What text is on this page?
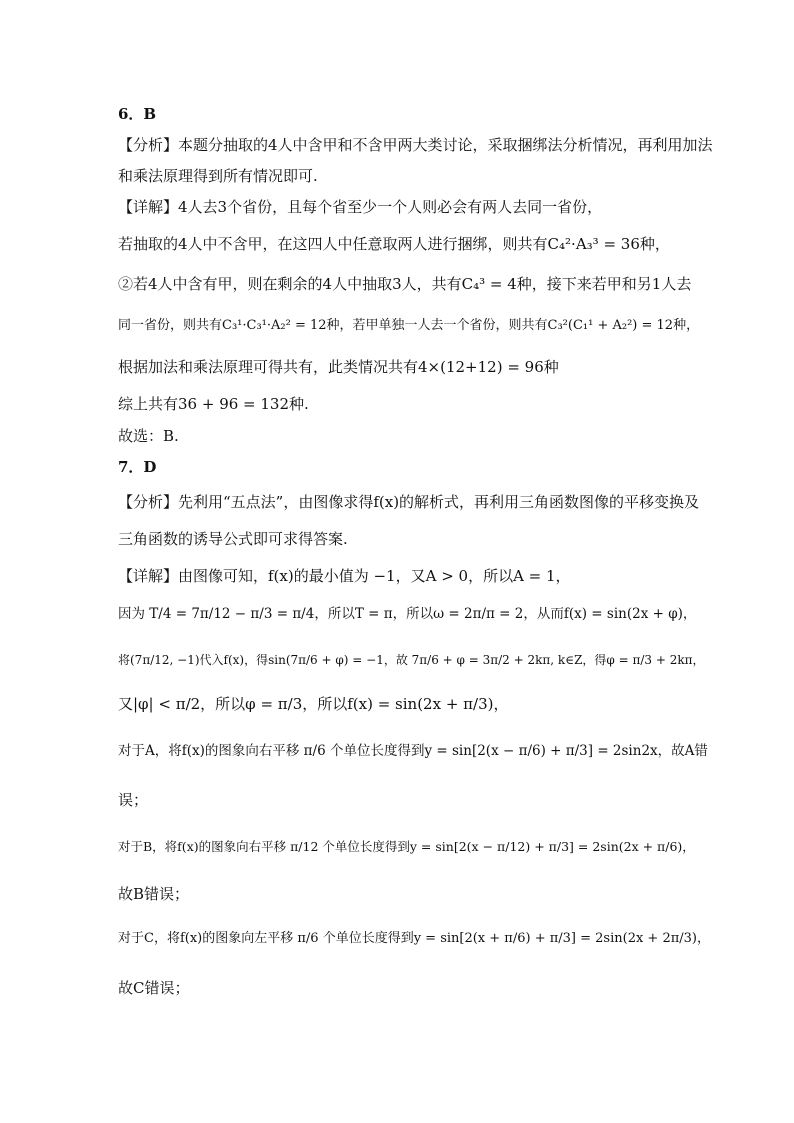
6．B
【分析】本题分抽取的4人中含甲和不含甲两大类讨论，采取捆绑法分析情况，再利用加法
和乘法原理得到所有情况即可.
【详解】4人去3个省份，且每个省至少一个人则必会有两人去同一省份，
若抽取的4人中不含甲，在这四人中任意取两人进行捆绑，则共有C₄²·A₃³ = 36种，
②若4人中含有甲，则在剩余的4人中抽取3人，共有C₄³ = 4种，接下来若甲和另1人去
同一省份，则共有C₃¹·C₃¹·A₂² = 12种，若甲单独一人去一个省份，则共有C₃²(C₁¹ + A₂²) = 12种，
根据加法和乘法原理可得共有，此类情况共有4×(12+12) = 96种
综上共有36 + 96 = 132种.
故选：B.
7．D
【分析】先利用“五点法”，由图像求得f(x)的解析式，再利用三角函数图像的平移变换及
三角函数的诱导公式即可求得答案.
【详解】由图像可知，f(x)的最小值为 −1，又A > 0，所以A = 1，
因为 T/4 = 7π/12 − π/3 = π/4，所以T = π，所以ω = 2π/π = 2，从而f(x) = sin(2x + φ)，
将(7π/12, −1)代入f(x)，得sin(7π/6 + φ) = −1，故 7π/6 + φ = 3π/2 + 2kπ, k∈Z，得φ = π/3 + 2kπ，
又|φ| < π/2，所以φ = π/3，所以f(x) = sin(2x + π/3)，
对于A，将f(x)的图象向右平移 π/6 个单位长度得到y = sin[2(x − π/6) + π/3] = 2sin2x，故A错
误；
对于B，将f(x)的图象向右平移 π/12 个单位长度得到y = sin[2(x − π/12) + π/3] = 2sin(2x + π/6)，
故B错误；
对于C，将f(x)的图象向左平移 π/6 个单位长度得到y = sin[2(x + π/6) + π/3] = 2sin(2x + 2π/3)，
故C错误；
